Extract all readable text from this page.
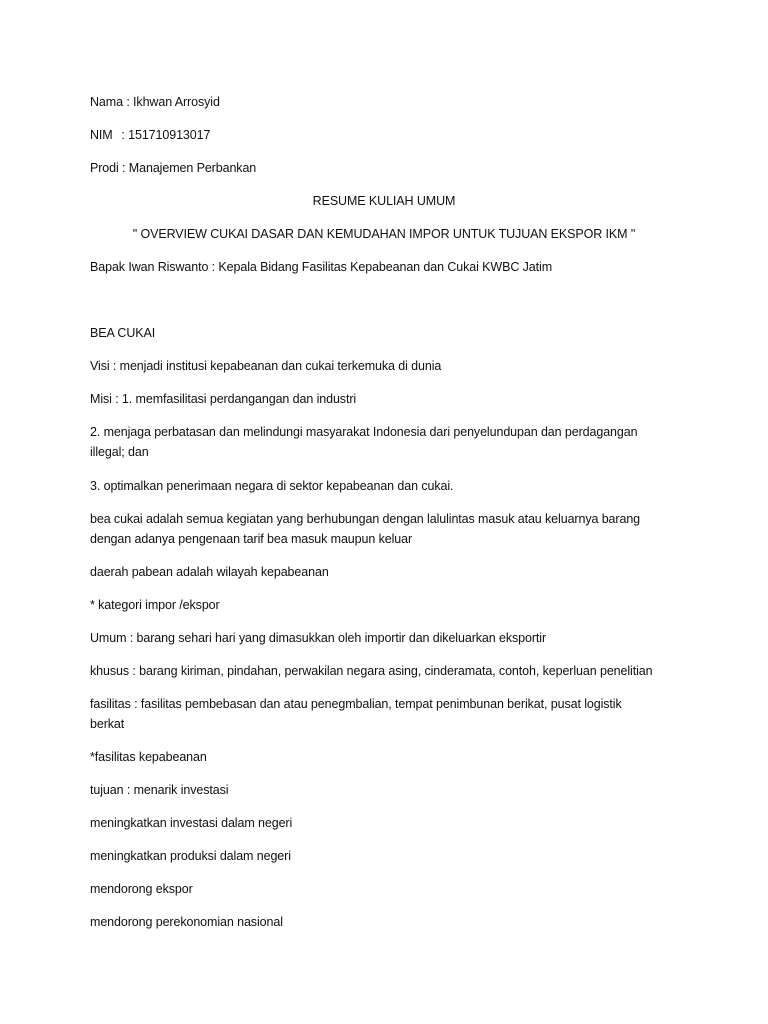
Nama : Ikhwan Arrosyid
NIM : 151710913017
Prodi : Manajemen Perbankan
RESUME KULIAH UMUM
" OVERVIEW CUKAI DASAR DAN KEMUDAHAN IMPOR UNTUK TUJUAN EKSPOR IKM "
Bapak Iwan Riswanto : Kepala Bidang Fasilitas Kepabeanan dan Cukai KWBC Jatim
BEA CUKAI
Visi : menjadi institusi kepabeanan dan cukai terkemuka di dunia
Misi : 1. memfasilitasi perdangangan dan industri
2. menjaga perbatasan dan melindungi masyarakat Indonesia dari penyelundupan dan perdagangan
illegal; dan
3. optimalkan penerimaan negara di sektor kepabeanan dan cukai.
bea cukai adalah semua kegiatan yang berhubungan dengan lalulintas masuk atau keluarnya barang
dengan adanya pengenaan tarif bea masuk maupun keluar
daerah pabean adalah wilayah kepabeanan
* kategori impor /ekspor
Umum : barang sehari hari yang dimasukkan oleh importir dan dikeluarkan eksportir
khusus : barang kiriman, pindahan, perwakilan negara asing, cinderamata, contoh, keperluan penelitian
fasilitas : fasilitas pembebasan dan atau penegmbalian, tempat penimbunan berikat, pusat logistik
berkat
*fasilitas kepabeanan
tujuan : menarik investasi
meningkatkan investasi dalam negeri
meningkatkan produksi dalam negeri
mendorong ekspor
mendorong perekonomian nasional
